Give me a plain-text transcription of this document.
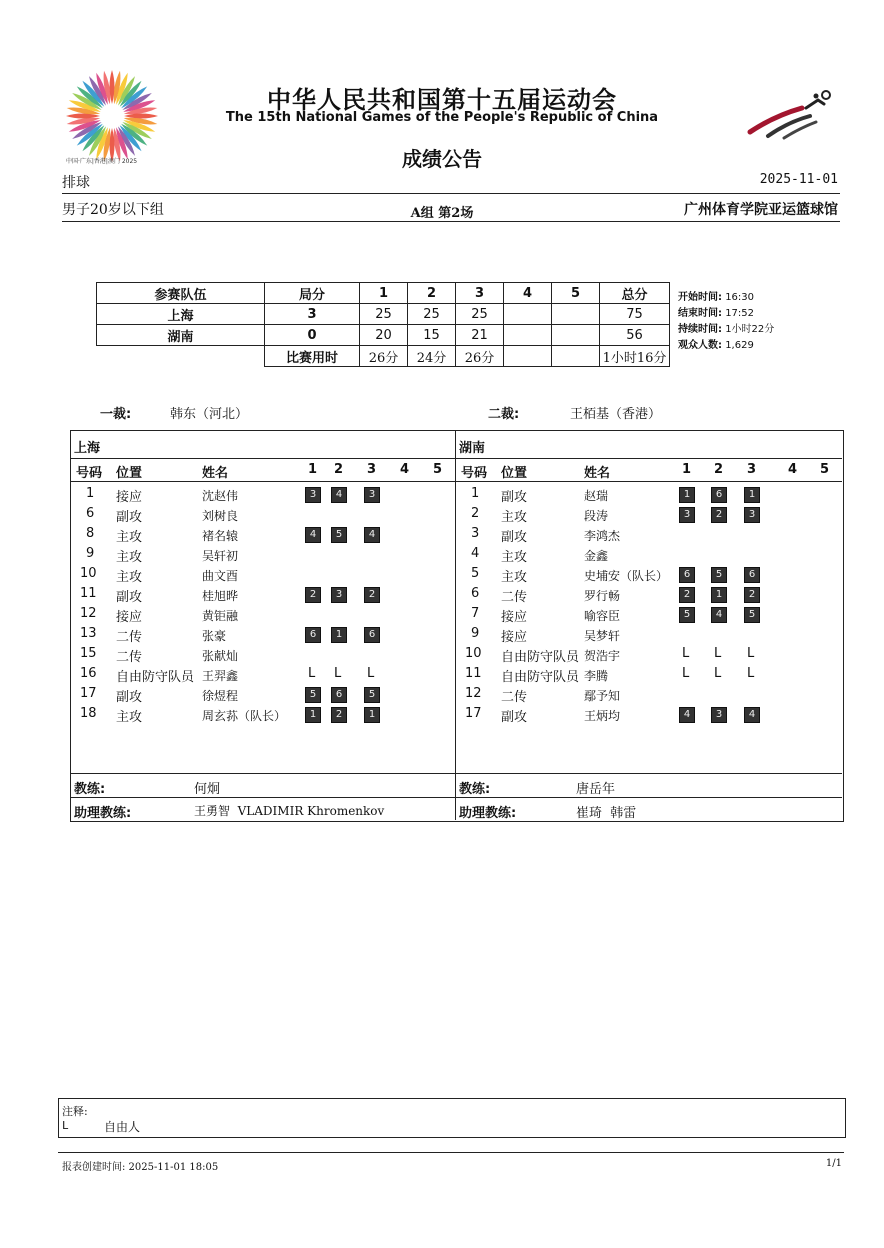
中国·广东|香港|澳门 2025
中华人民共和国第十五届运动会
The 15th National Games of the People's Republic of China
成绩公告
排球	2025-11-01
男子20岁以下组	A组 第2场	广州体育学院亚运篮球馆
参赛队伍	局分	1	2	3	4	5	总分
上海	3	25	25	25			75
湖南	0	20	15	21			56
	比赛用时	26分	24分	26分			1小时16分
开始时间: 16:30
结束时间: 17:52
持续时间: 1小时22分
观众人数: 1,629
一裁:	韩东（河北）	二裁:	王栢基（香港）
上海	湖南
号码 位置	姓名	1 2 3 4 5
1 接应	沈赵伟	3	4	3
6 副攻	刘树良
8 主攻	褚名辕	4	5	4
9 主攻	吴轩初
10 主攻	曲文酉
11 副攻	桂旭晔	2	3	2
12 接应	黄钜融
13 二传	张豪	6	1	6
15 二传	张献灿
16 自由防守队员 王羿鑫	L L L
17 副攻	徐煜程	5	6	5
18 主攻	周玄荪（队长）	1	2	1
号码 位置	姓名	1 2 3 4 5
1 副攻	赵瑞	1	6	1
2 主攻	段涛	3	2	3
3 副攻	李鸿杰
4 主攻	金鑫
5 主攻	史埔安（队长）	6	5	6
6 二传	罗行畅	2	1	2
7 接应	喻容臣	5	4	5
9 接应	吴梦轩
10 自由防守队员 贺浩宇	L L L
11 自由防守队员 李腾	L L L
12 二传	鄢予知
17 副攻	王炳均	4	3	4
教练:	何炯
助理教练:	王勇智  VLADIMIR Khromenkov
教练:	唐岳年
助理教练:	崔琦  韩雷
注释:
L	自由人
报表创建时间: 2025-11-01 18:05	1/1
